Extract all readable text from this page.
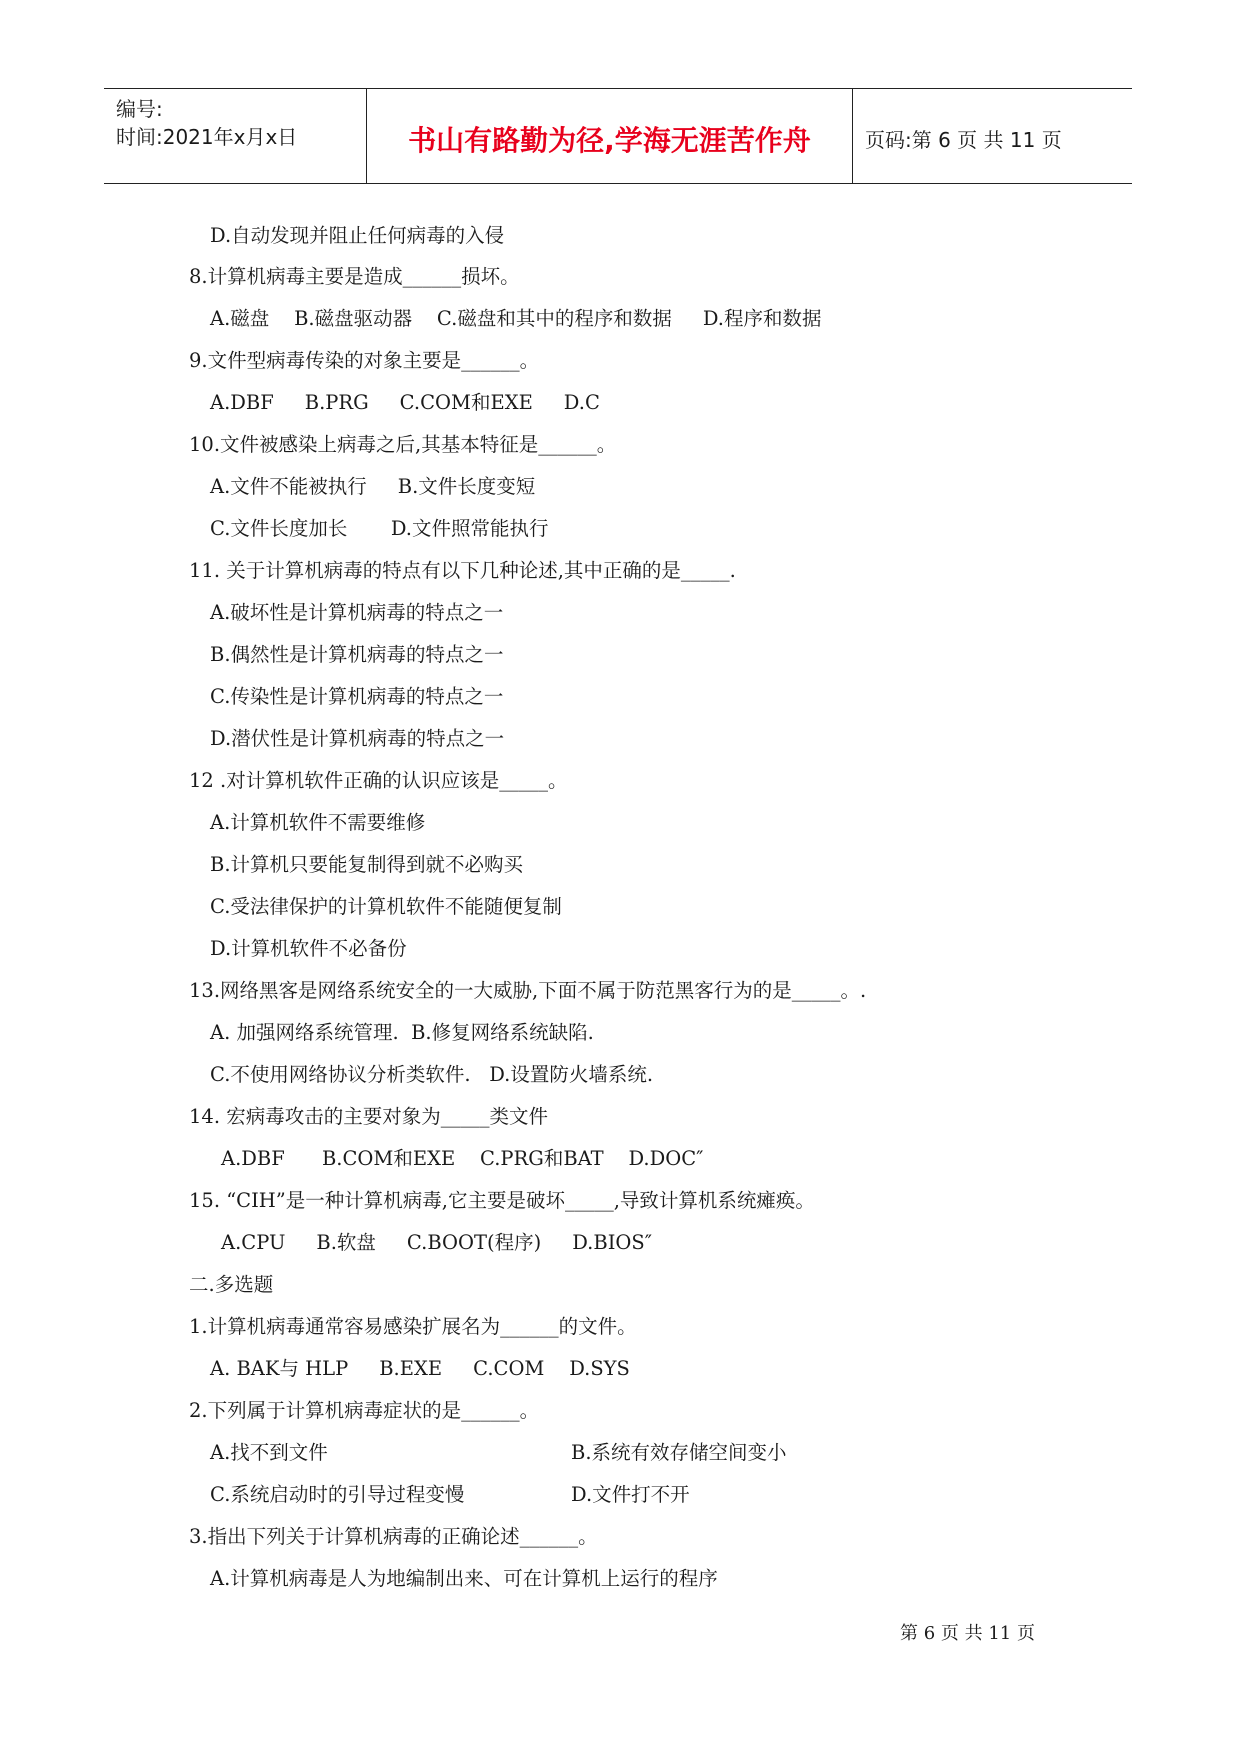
编号:
时间:2021年x月x日	书山有路勤为径,学海无涯苦作舟	页码:第 6 页 共 11 页
D.自动发现并阻止任何病毒的入侵
8.计算机病毒主要是造成______损坏。
A.磁盘    B.磁盘驱动器    C.磁盘和其中的程序和数据     D.程序和数据
9.文件型病毒传染的对象主要是______。
A.DBF     B.PRG     C.COM和EXE     D.C
10.文件被感染上病毒之后,其基本特征是______。
A.文件不能被执行     B.文件长度变短
C.文件长度加长       D.文件照常能执行
11. 关于计算机病毒的特点有以下几种论述,其中正确的是_____.
A.破坏性是计算机病毒的特点之一
B.偶然性是计算机病毒的特点之一
C.传染性是计算机病毒的特点之一
D.潜伏性是计算机病毒的特点之一
12 .对计算机软件正确的认识应该是_____。
A.计算机软件不需要维修
B.计算机只要能复制得到就不必购买
C.受法律保护的计算机软件不能随便复制
D.计算机软件不必备份
13.网络黑客是网络系统安全的一大威胁,下面不属于防范黑客行为的是_____。.
A. 加强网络系统管理.  B.修复网络系统缺陷.
C.不使用网络协议分析类软件.   D.设置防火墙系统.
14. 宏病毒攻击的主要对象为_____类文件
A.DBF      B.COM和EXE    C.PRG和BAT    D.DOC″
15. “CIH”是一种计算机病毒,它主要是破坏_____,导致计算机系统瘫痪。
A.CPU     B.软盘     C.BOOT(程序)     D.BIOS″
二.多选题
1.计算机病毒通常容易感染扩展名为______的文件。
A. BAK与 HLP     B.EXE     C.COM    D.SYS
2.下列属于计算机病毒症状的是______。
A.找不到文件	B.系统有效存储空间变小
C.系统启动时的引导过程变慢	D.文件打不开
3.指出下列关于计算机病毒的正确论述______。
A.计算机病毒是人为地编制出来、可在计算机上运行的程序
第 6 页 共 11 页
